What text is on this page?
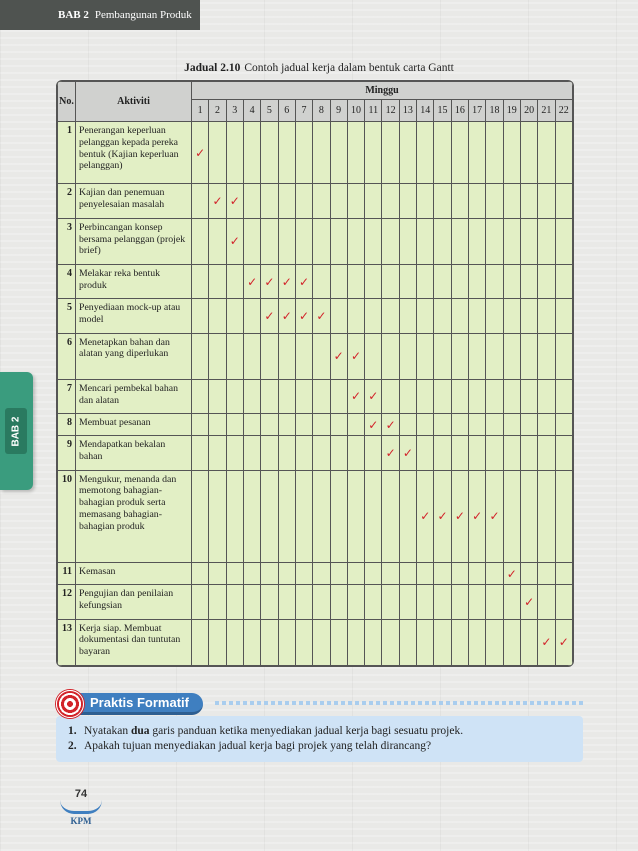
BAB 2 Pembangunan Produk
BAB 2
Jadual 2.10 Contoh jadual kerja dalam bentuk carta Gantt
No.	Aktiviti	Minggu																					
		1	2	3	4	5	6	7	8	9	10	11	12	13	14	15	16	17	18	19	20	21	22
1	Penerangan keperluan pelanggan kepada pereka bentuk (Kajian keperluan pelanggan)	✓																					
2	Kajian dan penemuan penyelesaian masalah		✓	✓																			
3	Perbincangan konsep bersama pelanggan (projek brief)			✓																			
4	Melakar reka bentuk produk				✓	✓	✓	✓															
5	Penyediaan mock-up atau model					✓	✓	✓	✓														
6	Menetapkan bahan dan alatan yang diperlukan									✓	✓												
7	Mencari pembekal bahan dan alatan										✓	✓											
8	Membuat pesanan											✓	✓										
9	Mendapatkan bekalan bahan												✓	✓									
10	Mengukur, menanda dan memotong bahagian-bahagian produk serta memasang bahagian-bahagian produk														✓	✓	✓	✓	✓				
11	Kemasan																			✓			
12	Pengujian dan penilaian kefungsian																				✓		
13	Kerja siap. Membuat dokumentasi dan tuntutan bayaran																					✓	✓
Praktis Formatif
1. Nyatakan dua garis panduan ketika menyediakan jadual kerja bagi sesuatu projek.
2. Apakah tujuan menyediakan jadual kerja bagi projek yang telah dirancang?
74
KPM
